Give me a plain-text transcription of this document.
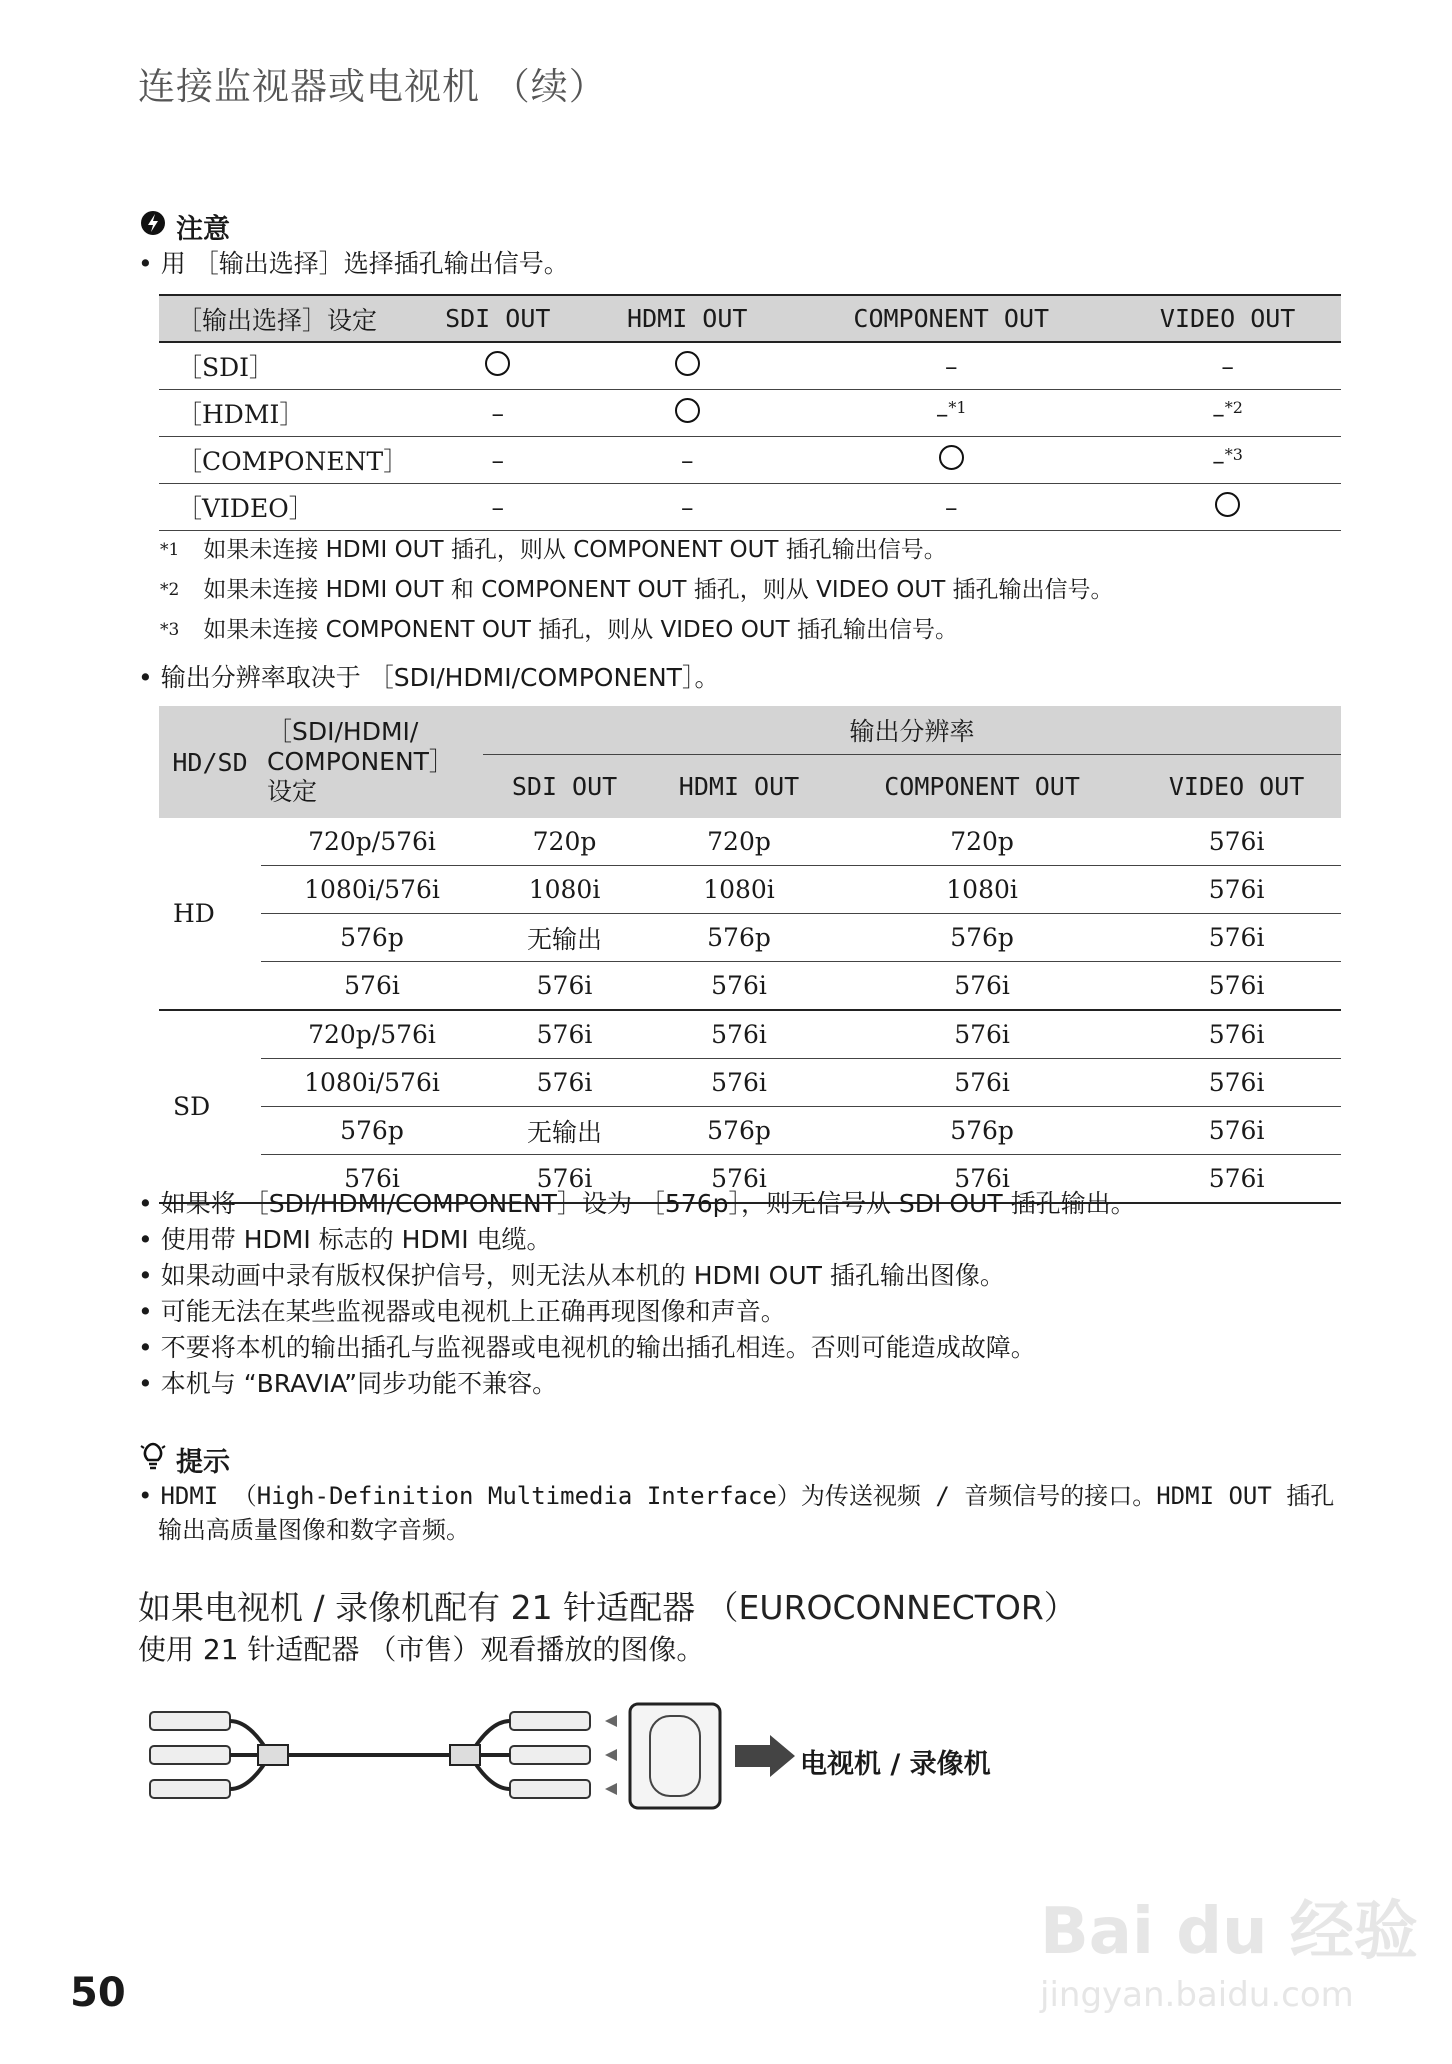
连接监视器或电视机 （续）
注意
• 用 ［输出选择］选择插孔输出信号。
［输出选择］设定	SDI OUT	HDMI OUT	COMPONENT OUT	VIDEO OUT
［SDI］			–	–
［HDMI］	–		–$^{*1}$	–$^{*2}$
［COMPONENT］	–	–		–$^{*3}$
［VIDEO］	–	–	–	
$^{*1}$ 如果未连接 HDMI OUT 插孔，则从 COMPONENT OUT 插孔输出信号。
$^{*2}$ 如果未连接 HDMI OUT 和 COMPONENT OUT 插孔，则从 VIDEO OUT 插孔输出信号。
$^{*3}$ 如果未连接 COMPONENT OUT 插孔，则从 VIDEO OUT 插孔输出信号。
• 输出分辨率取决于 ［SDI/HDMI/COMPONENT］。
HD/SD	［SDI/HDMI/ COMPONENT］ 设定	输出分辨率			
		SDI OUT	HDMI OUT	COMPONENT OUT	VIDEO OUT
HD	720p/576i	720p	720p	720p	576i
	1080i/576i	1080i	1080i	1080i	576i
	576p	无输出	576p	576p	576i
	576i	576i	576i	576i	576i
SD	720p/576i	576i	576i	576i	576i
	1080i/576i	576i	576i	576i	576i
	576p	无输出	576p	576p	576i
	576i	576i	576i	576i	576i
• 如果将 ［SDI/HDMI/COMPONENT］设为 ［576p］，则无信号从 SDI OUT 插孔输出。
• 使用带 HDMI 标志的 HDMI 电缆。
• 如果动画中录有版权保护信号，则无法从本机的 HDMI OUT 插孔输出图像。
• 可能无法在某些监视器或电视机上正确再现图像和声音。
• 不要将本机的输出插孔与监视器或电视机的输出插孔相连。否则可能造成故障。
• 本机与 “BRAVIA”同步功能不兼容。
提示
• HDMI （High-Definition Multimedia Interface）为传送视频 / 音频信号的接口。HDMI OUT 插孔
输出高质量图像和数字音频。
如果电视机 / 录像机配有 21 针适配器 （EUROCONNECTOR）
使用 21 针适配器 （市售）观看播放的图像。
电视机 / 录像机
Bai du 经验
jingyan.baidu.com
50
